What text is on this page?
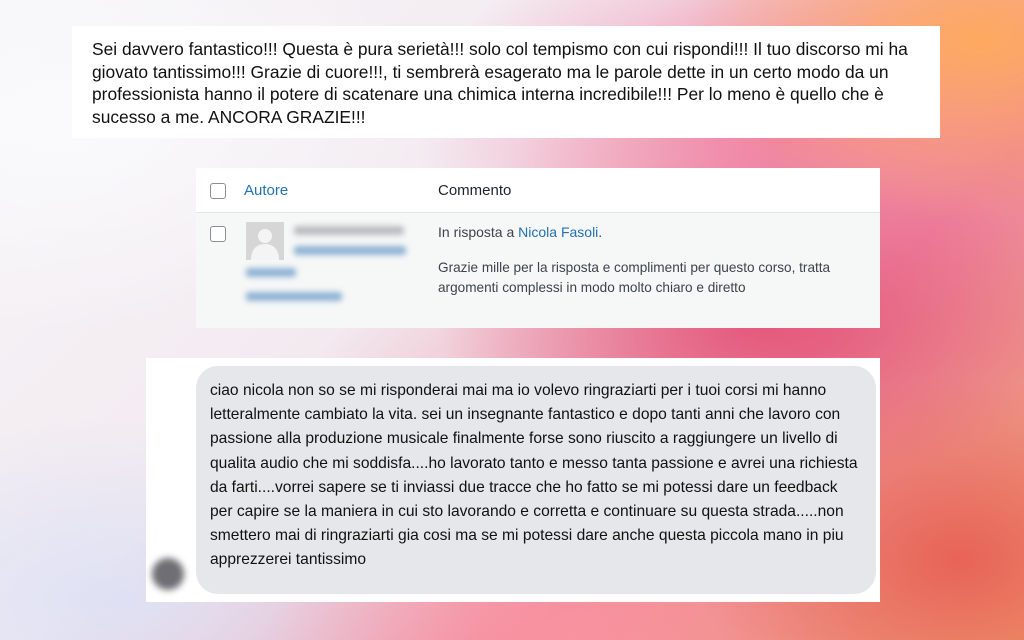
Sei davvero fantastico!!! Questa è pura serietà!!! solo col tempismo con cui rispondi!!! Il tuo discorso mi ha giovato tantissimo!!! Grazie di cuore!!!, ti sembrerà esagerato ma le parole dette in un certo modo da un professionista hanno il potere di scatenare una chimica interna incredibile!!! Per lo meno è quello che è sucesso a me. ANCORA GRAZIE!!!
Autore	Commento
In risposta a Nicola Fasoli.
Grazie mille per la risposta e complimenti per questo corso, tratta argomenti complessi in modo molto chiaro e diretto
ciao nicola non so se mi risponderai mai ma io volevo ringraziarti per i tuoi corsi mi hanno letteralmente cambiato la vita. sei un insegnante fantastico e dopo tanti anni che lavoro con passione alla produzione musicale finalmente forse sono riuscito a raggiungere un livello di qualita audio che mi soddisfa....ho lavorato tanto e messo tanta passione e avrei una richiesta da farti....vorrei sapere se ti inviassi due tracce che ho fatto se mi potessi dare un feedback per capire se la maniera in cui sto lavorando e corretta e continuare su questa strada.....non smettero mai di ringraziarti gia cosi ma se mi potessi dare anche questa piccola mano in piu apprezzerei tantissimo
